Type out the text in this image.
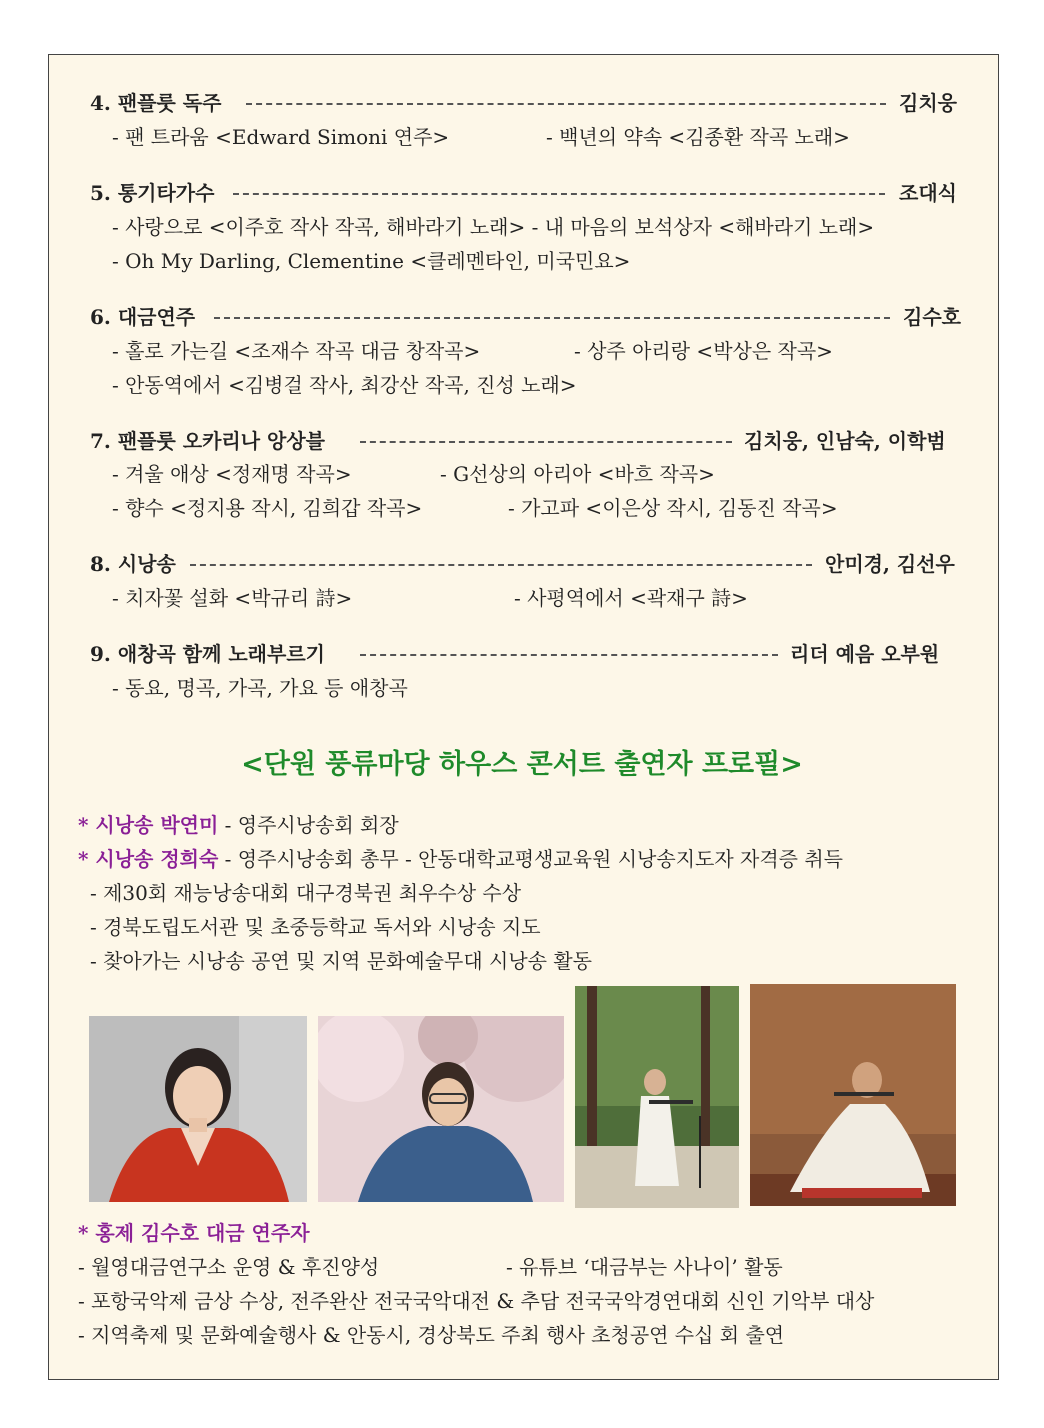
4. 팬플룻 독주	김치웅
- 팬 트라움 <Edward Simoni 연주>	- 백년의 약속 <김종환 작곡 노래>
5. 통기타가수	조대식
- 사랑으로 <이주호 작사 작곡, 해바라기 노래> - 내 마음의 보석상자 <해바라기 노래>
- Oh My Darling, Clementine <클레멘타인, 미국민요>
6. 대금연주	김수호
- 홀로 가는길 <조재수 작곡 대금 창작곡>	- 상주 아리랑 <박상은 작곡>
- 안동역에서 <김병걸 작사, 최강산 작곡, 진성 노래>
7. 팬플룻 오카리나 앙상블	김치웅, 인남숙, 이학범
- 겨울 애상 <정재명 작곡>	- G선상의 아리아 <바흐 작곡>
- 향수 <정지용 작시, 김희갑 작곡>	- 가고파 <이은상 작시, 김동진 작곡>
8. 시낭송	안미경, 김선우
- 치자꽃 설화 <박규리 詩>	- 사평역에서 <곽재구 詩>
9. 애창곡 함께 노래부르기	리더 예음 오부원
- 동요, 명곡, 가곡, 가요 등 애창곡
<단원 풍류마당 하우스 콘서트 출연자 프로필>
* 시낭송 박연미 - 영주시낭송회 회장
* 시낭송 정희숙 - 영주시낭송회 총무 - 안동대학교평생교육원 시낭송지도자 자격증 취득
- 제30회 재능낭송대회 대구경북권 최우수상 수상
- 경북도립도서관 및 초중등학교 독서와 시낭송 지도
- 찾아가는 시낭송 공연 및 지역 문화예술무대 시낭송 활동
* 홍제 김수호 대금 연주자
- 월영대금연구소 운영 & 후진양성	- 유튜브 ‘대금부는 사나이’ 활동
- 포항국악제 금상 수상, 전주완산 전국국악대전 & 추담 전국국악경연대회 신인 기악부 대상
- 지역축제 및 문화예술행사 & 안동시, 경상북도 주최 행사 초청공연 수십 회 출연
